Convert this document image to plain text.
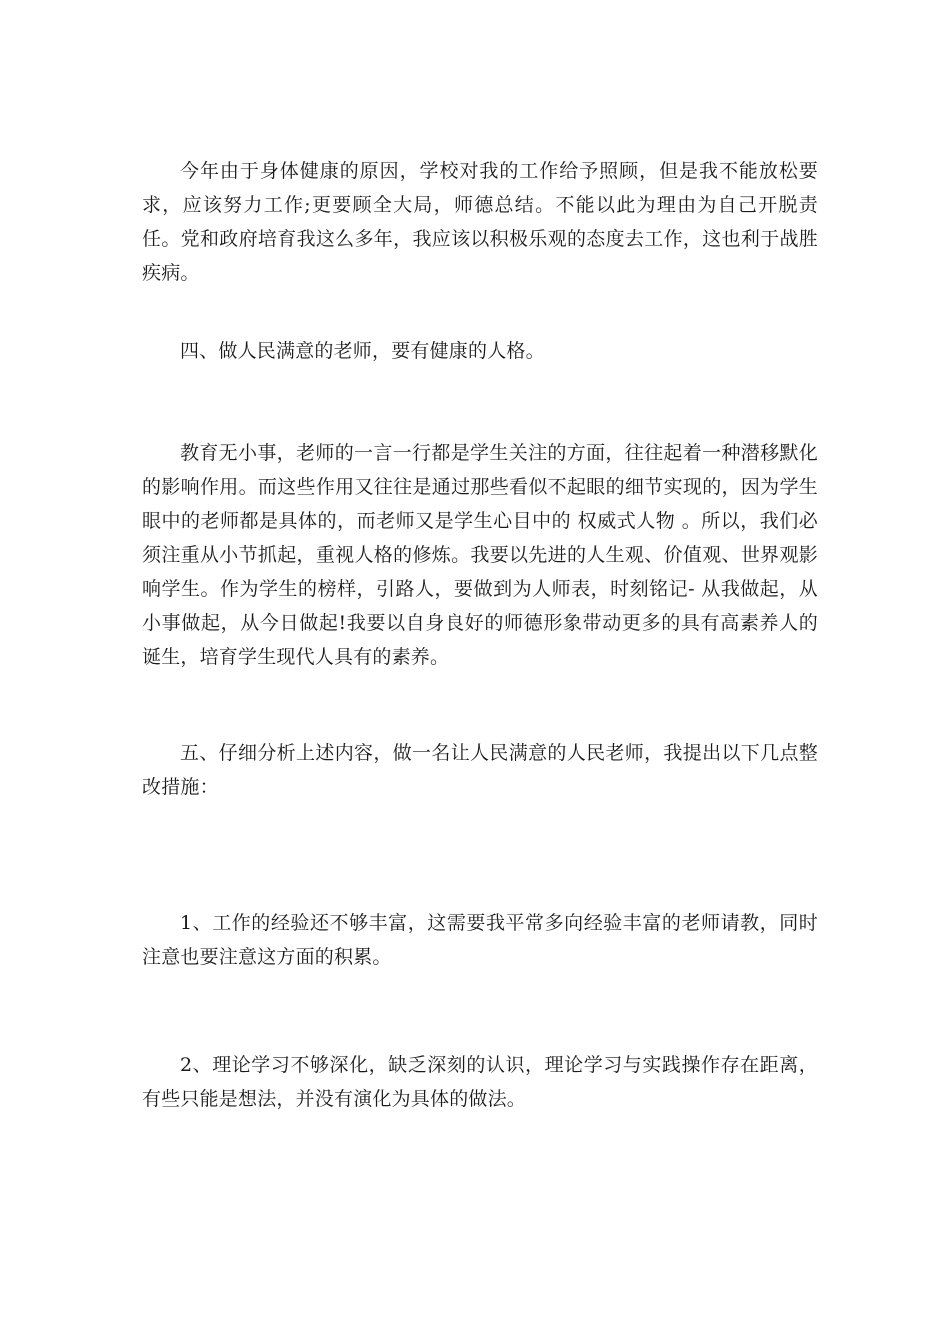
今年由于身体健康的原因，学校对我的工作给予照顾，但是我不能放松要求，应该努力工作;更要顾全大局，师德总结。不能以此为理由为自己开脱责任。党和政府培育我这么多年，我应该以积极乐观的态度去工作，这也利于战胜疾病。

四、做人民满意的老师，要有健康的人格。

教育无小事，老师的一言一行都是学生关注的方面，往往起着一种潜移默化的影响作用。而这些作用又往往是通过那些看似不起眼的细节实现的，因为学生眼中的老师都是具体的，而老师又是学生心目中的 权威式人物 。所以，我们必须注重从小节抓起，重视人格的修炼。我要以先进的人生观、价值观、世界观影响学生。作为学生的榜样，引路人，要做到为人师表，时刻铭记- 从我做起，从小事做起，从今日做起!我要以自身良好的师德形象带动更多的具有高素养人的诞生，培育学生现代人具有的素养。

五、仔细分析上述内容，做一名让人民满意的人民老师，我提出以下几点整改措施：

1、工作的经验还不够丰富，这需要我平常多向经验丰富的老师请教，同时注意也要注意这方面的积累。

2、理论学习不够深化，缺乏深刻的认识，理论学习与实践操作存在距离，有些只能是想法，并没有演化为具体的做法。
